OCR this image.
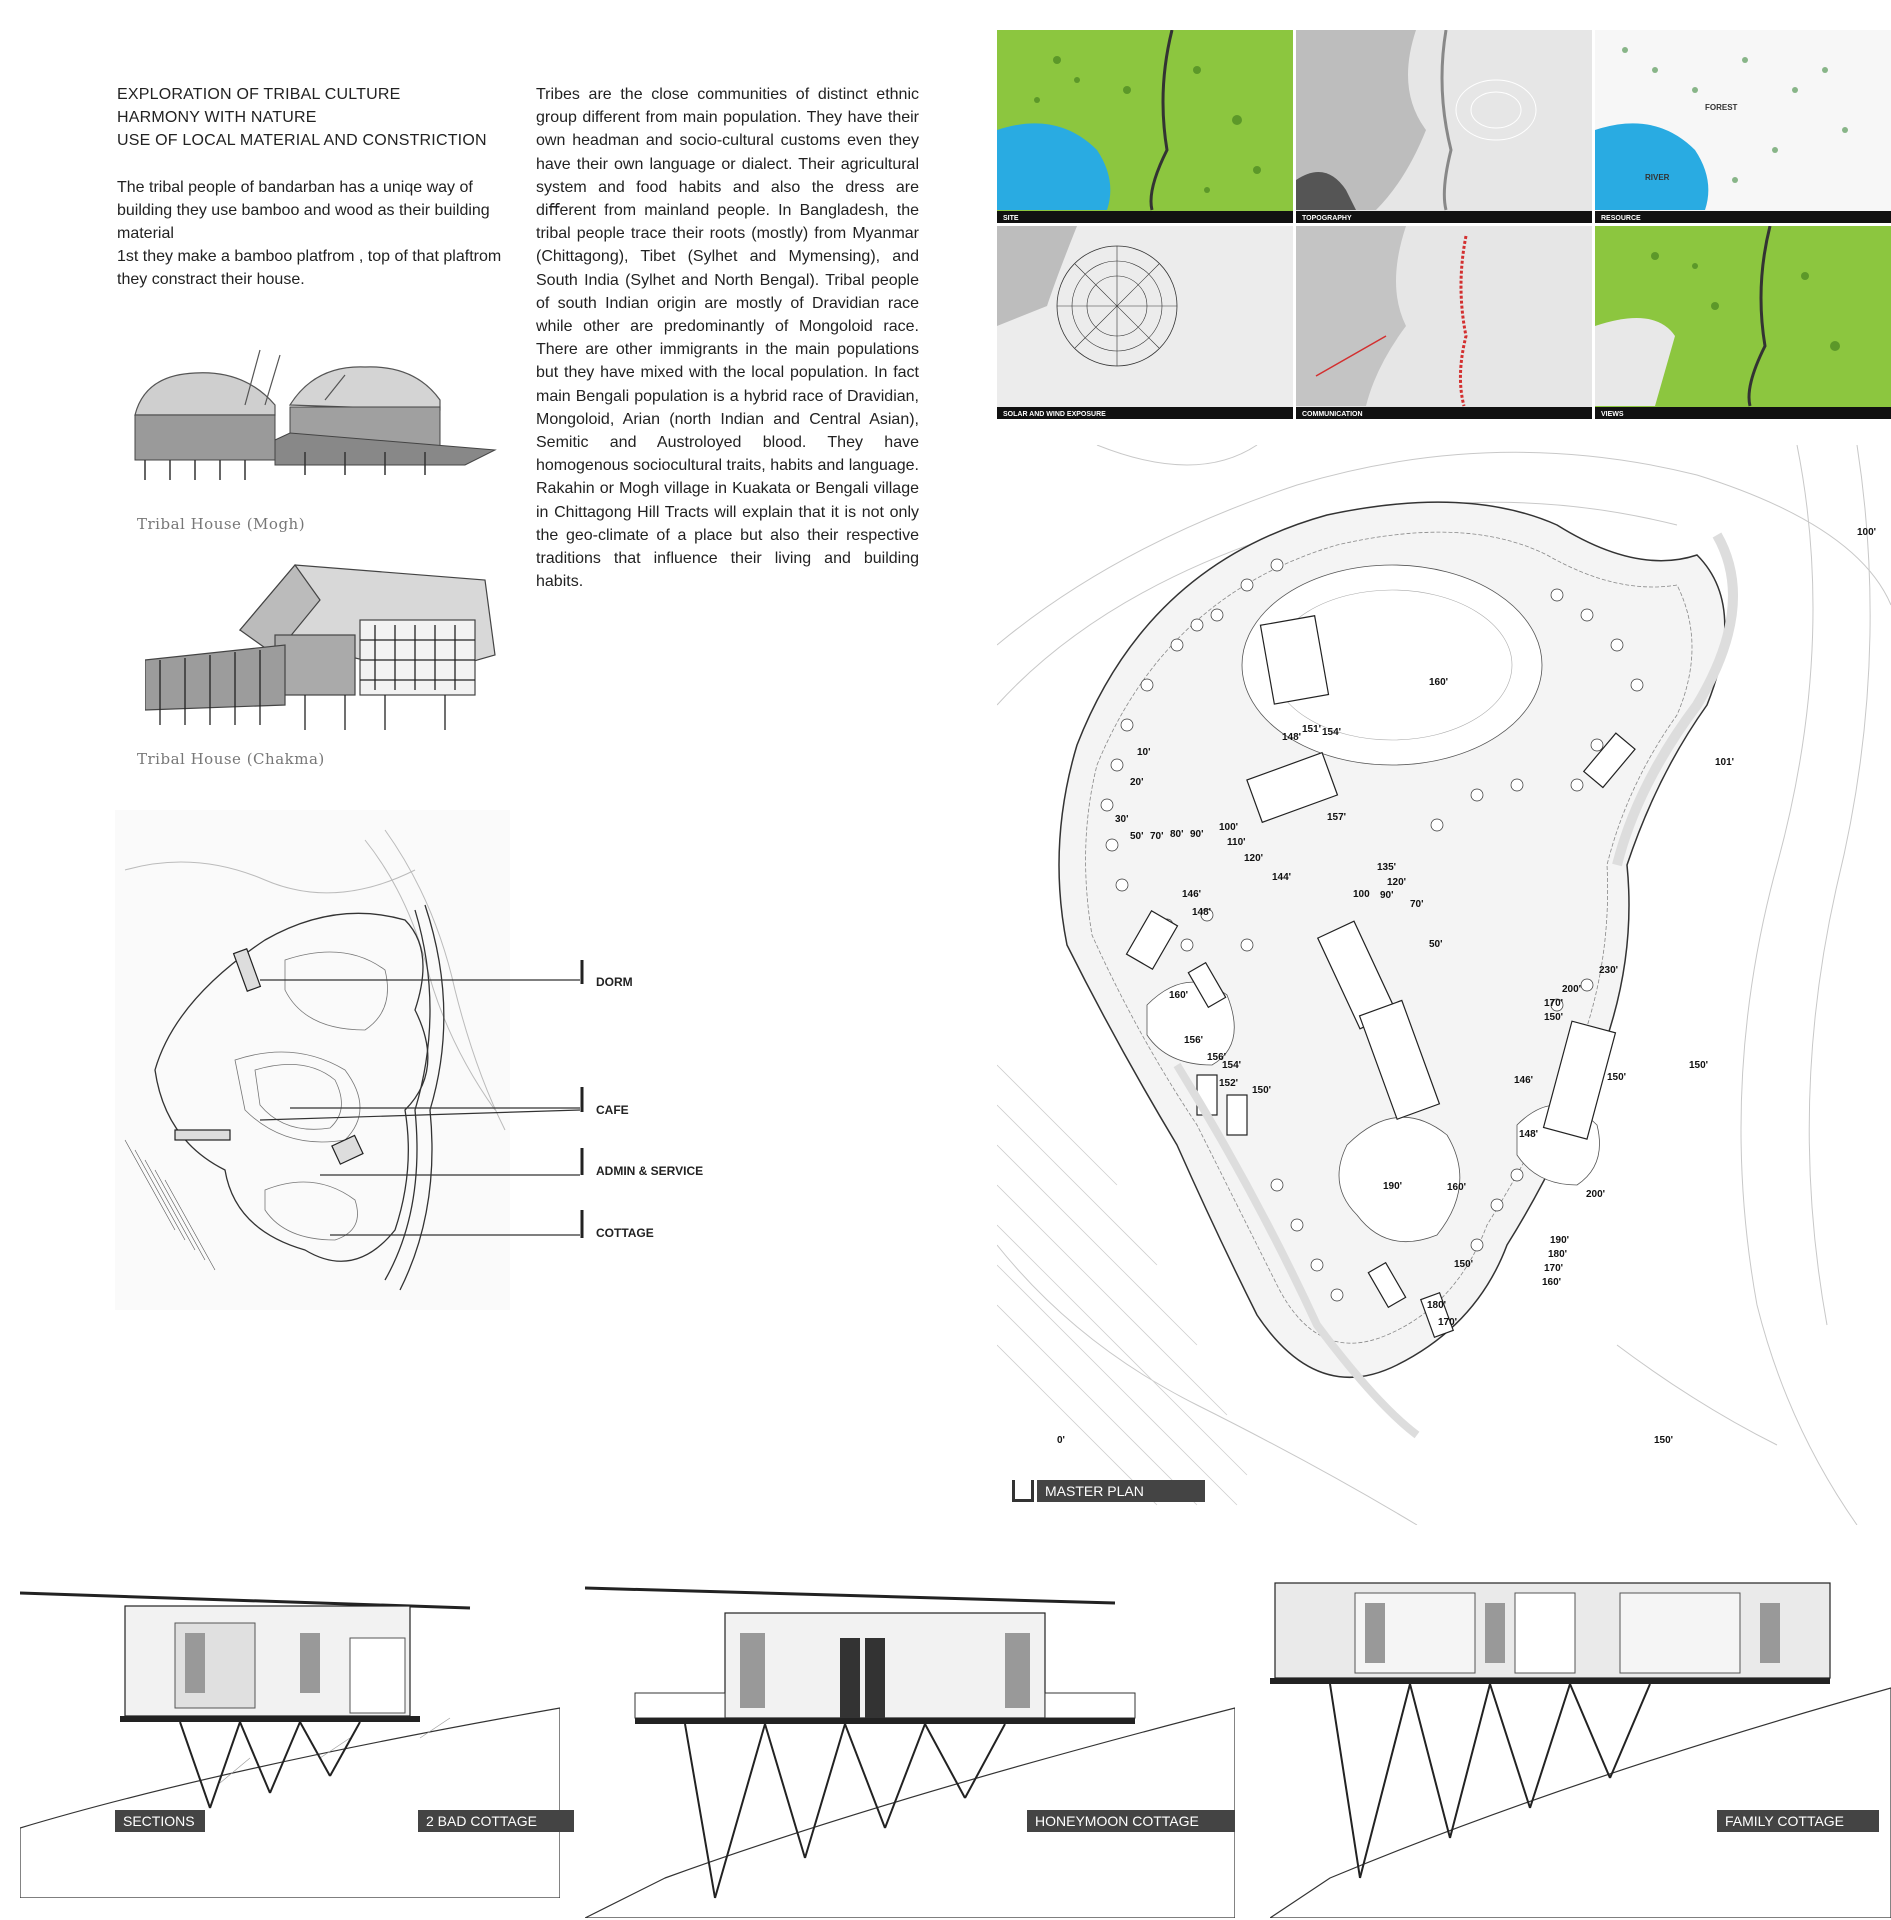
EXPLORATION OF TRIBAL CULTURE
HARMONY WITH NATURE
USE OF LOCAL MATERIAL AND CONSTRICTION
The tribal people of bandarban has a uniqe way of building they use bamboo and wood as their building material
1st they make a bamboo platfrom , top of that plaftrom they constract their house.
Tribes are the close communities of distinct ethnic group different from main population. They have their own headman and socio-cultural customs even they have their own language or dialect. Their agricultural system and food habits and also the dress are diﬀerent from mainland people. In Bangladesh, the tribal people trace their roots (mostly) from Myanmar (Chittagong), Tibet (Sylhet and Mymensing), and South India (Sylhet and North Bengal). Tribal people of south Indian origin are mostly of Dravidian race while other are predominantly of Mongoloid race. There are other immigrants in the main populations but they have mixed with the local population. In fact main Bengali population is a hybrid race of Dravidian, Mongoloid, Arian (north Indian and Central Asian), Semitic and Austroloyed blood. They have homogenous sociocultural traits, habits and language. Rakahin or Mogh village in Kuakata or Bengali village in Chittagong Hill Tracts will explain that it is not only the geo-climate of a place but also their respective traditions that influence their living and building habits.
Tribal House (Mogh)
Tribal House (Chakma)
DORM
CAFE
ADMIN & SERVICE
COTTAGE
SITE	TOPOGRAPHY
FOREST
RIVER
RESOURCE
SOLAR AND WIND EXPOSURE	COMMUNICATION	VIEWS
100'
101'
160'
148'
151' 154'
157'
10'
20'
30'
50' 70' 80' 90'
100'
110'
120'
144'
146'
148'
135'
120'
90'
70'
100
50'
230'
200'
170'
150'
160'
156'
156'
154'
152'
150'
150'
150'
146'
148'
190'	160'
200'
150'
190'
180'
170'
160'
180'
170'
0'	150'
MASTER PLAN
SECTIONS	2 BAD COTTAGE	HONEYMOON COTTAGE	FAMILY COTTAGE
